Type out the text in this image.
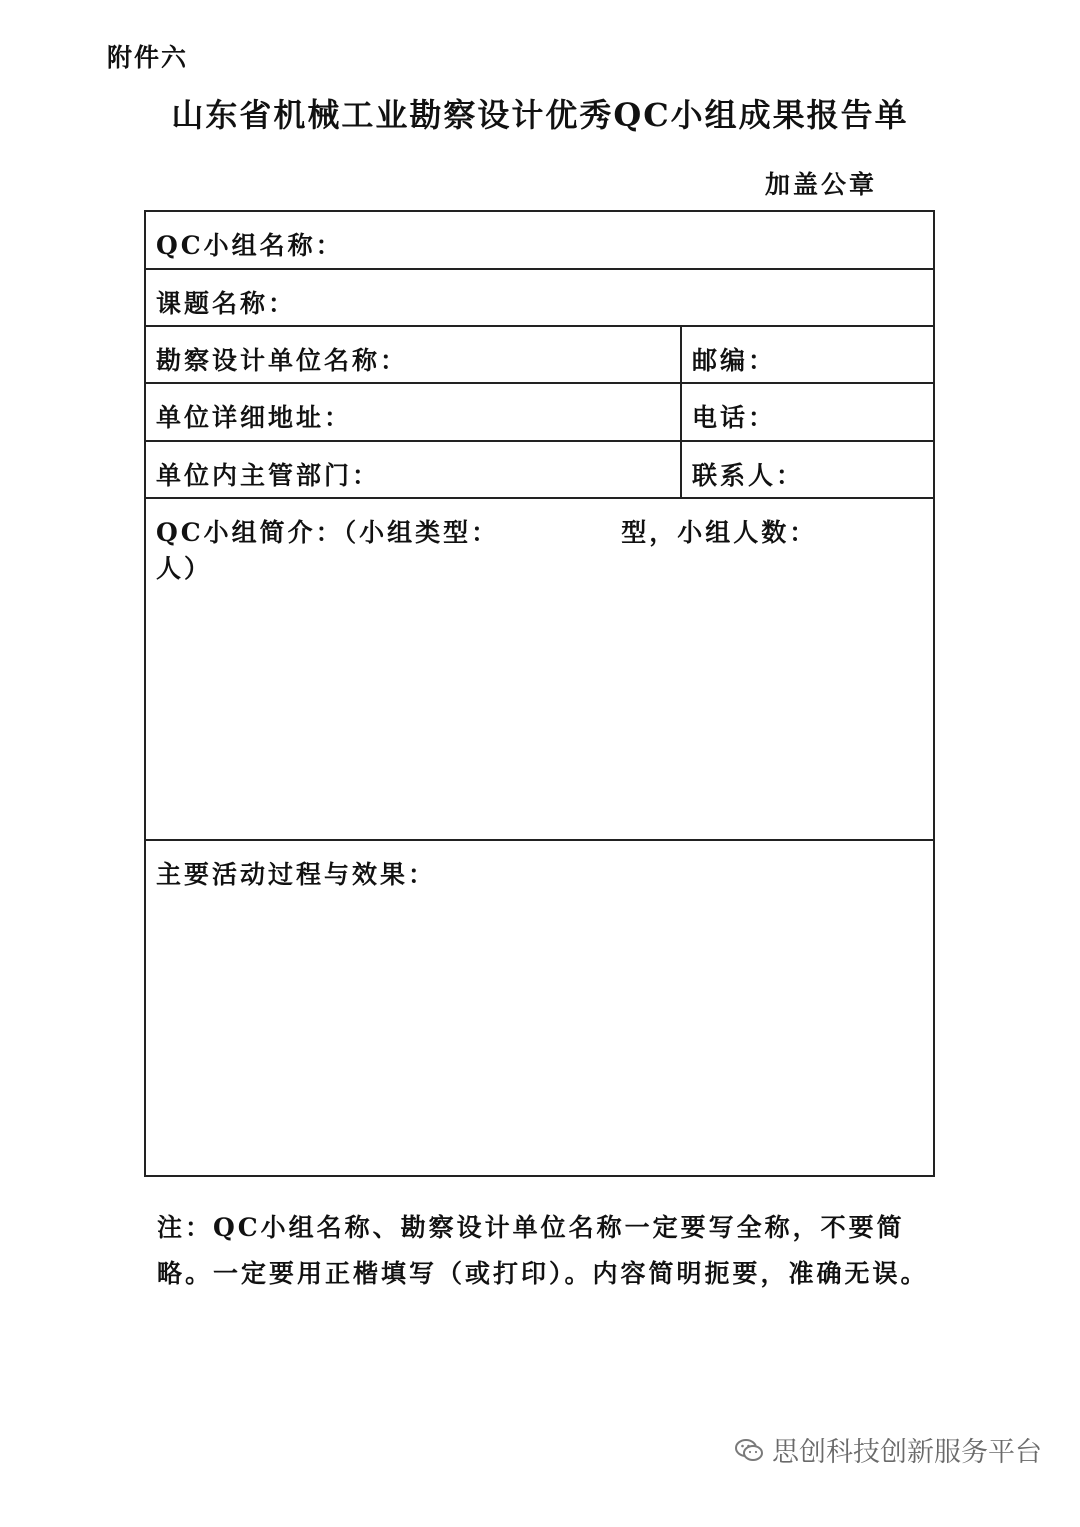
附件六
山东省机械工业勘察设计优秀QC小组成果报告单
加盖公章
QC小组名称：
课题名称：
勘察设计单位名称：	邮编：
单位详细地址：	电话：
单位内主管部门：	联系人：
QC小组简介：（小组类型：	型，小组人数：人）
主要活动过程与效果：
注：QC小组名称、勘察设计单位名称一定要写全称，不要简
略。一定要用正楷填写（或打印）。内容简明扼要，准确无误。
思创科技创新服务平台
